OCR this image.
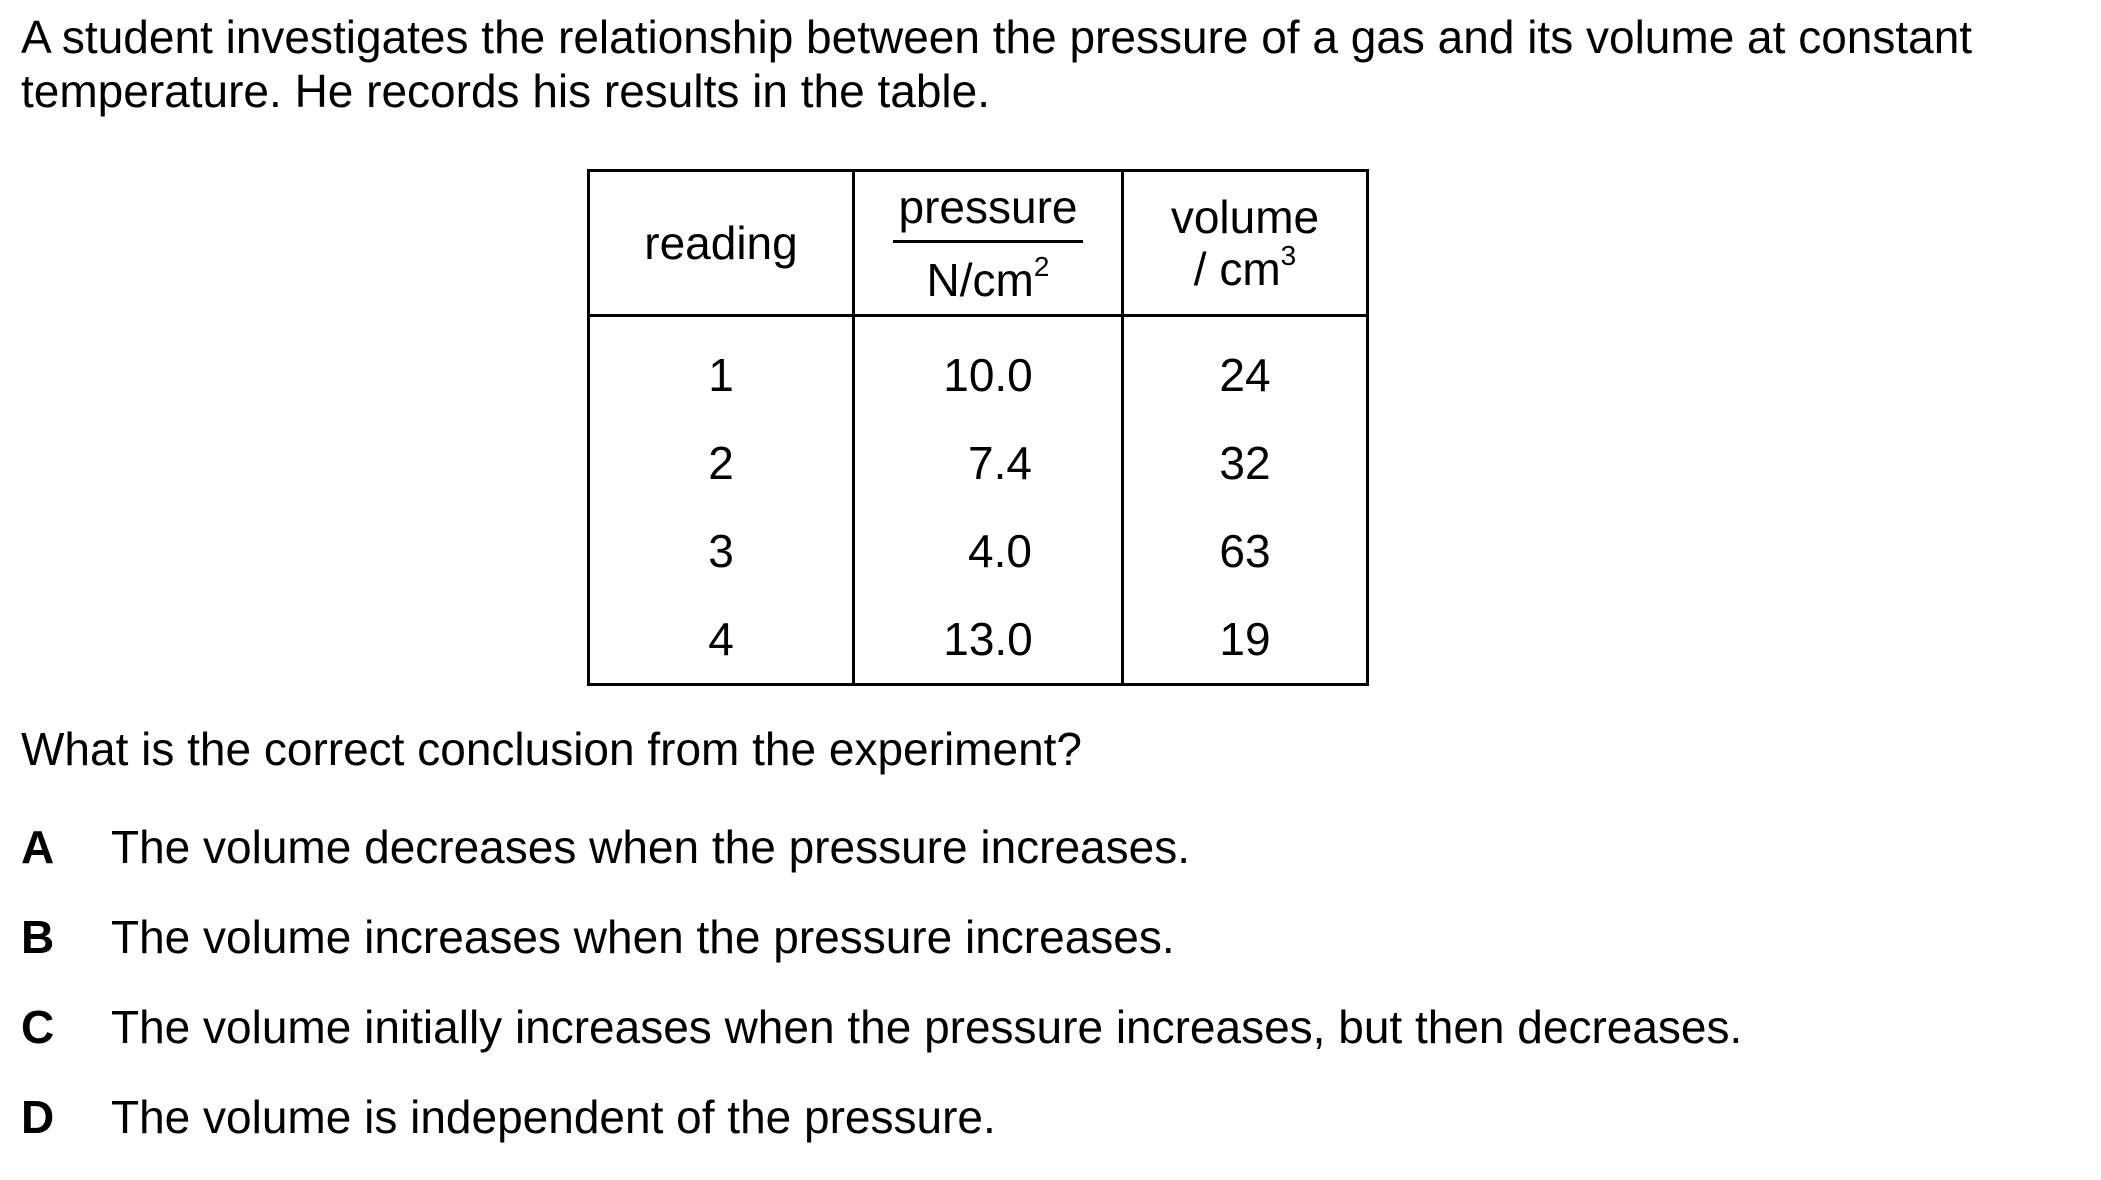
A student investigates the relationship between the pressure of a gas and its volume at constant
temperature. He records his results in the table.

reading	$\frac{\text{pressure}}{N/cm^2}$	volume
/ $cm^3$

1	10.0	24
2	7.4	32
3	4.0	63
4	13.0	19

What is the correct conclusion from the experiment?

A	The volume decreases when the pressure increases.
B	The volume increases when the pressure increases.
C	The volume initially increases when the pressure increases, but then decreases.
D	The volume is independent of the pressure.
